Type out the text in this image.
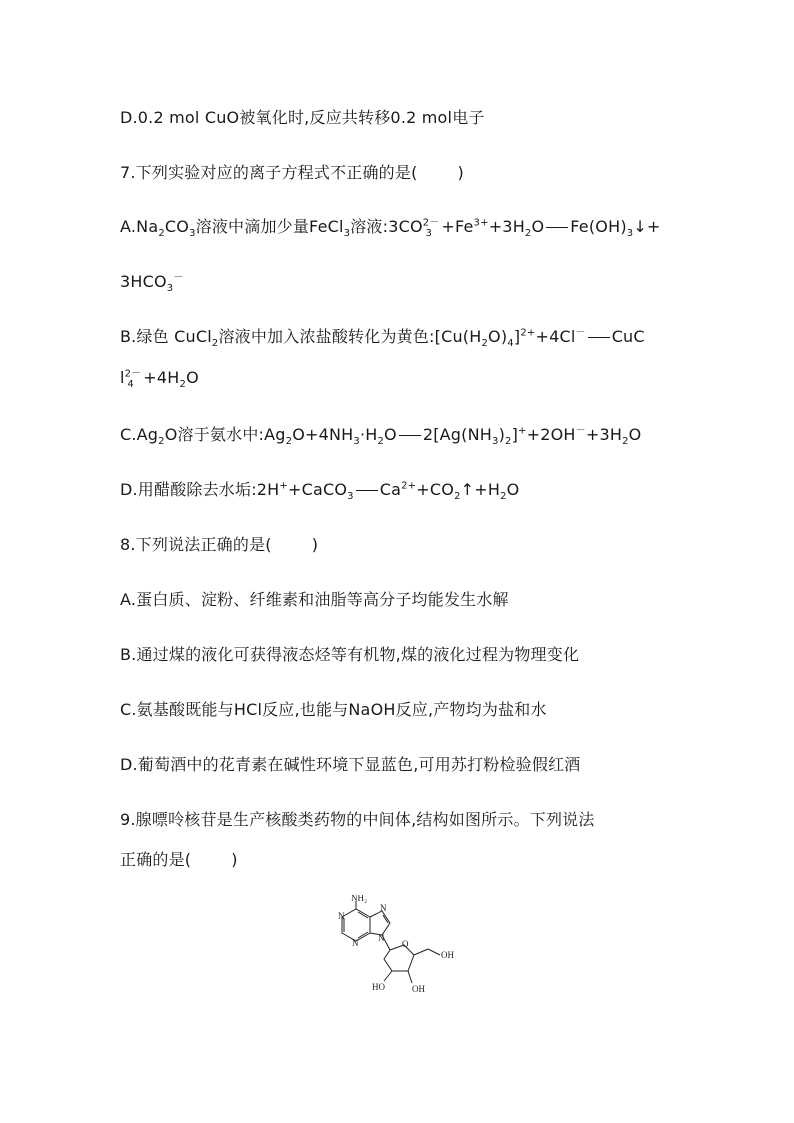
D.0.2 mol CuO被氧化时,反应共转移0.2 mol电子
7.下列实验对应的离子方程式不正确的是(	)
$A.Na_2CO_3$溶液中滴加少量FeCl$_3$溶液$:3CO^{2-}_3 +Fe^{3+}+3H_2O$ $Fe(OH)_3↓+$
$3HCO_3^-$
B.绿色 CuCl$_2$溶液中加入浓盐酸转化为黄色$:[Cu(H_2O)_4]^{2+}+4Cl^-$ CuC
$l^{2-}_4 +4H_2O$
$C.Ag_2O$溶于氨水中$:Ag_2O+4NH_3\cdot H_2O$ $2[Ag(NH_3)_2]^++2OH^-+3H_2O$
D.用醋酸除去水垢:2H++CaCO$_3$ $Ca^{2+}+CO_2↑+H_2O$
8.下列说法正确的是(	)
A.蛋白质、淀粉、纤维素和油脂等高分子均能发生水解
B.通过煤的液化可获得液态烃等有机物,煤的液化过程为物理变化
C.氨基酸既能与HCl反应,也能与NaOH反应,产物均为盐和水
D.葡萄酒中的花青素在碱性环境下显蓝色,可用苏打粉检验假红酒
9.腺嘌呤核苷是生产核酸类药物的中间体,结构如图所示。下列说法
正确的是(	)
NH₂
N
N
N
N
O
OH
HO	OH
